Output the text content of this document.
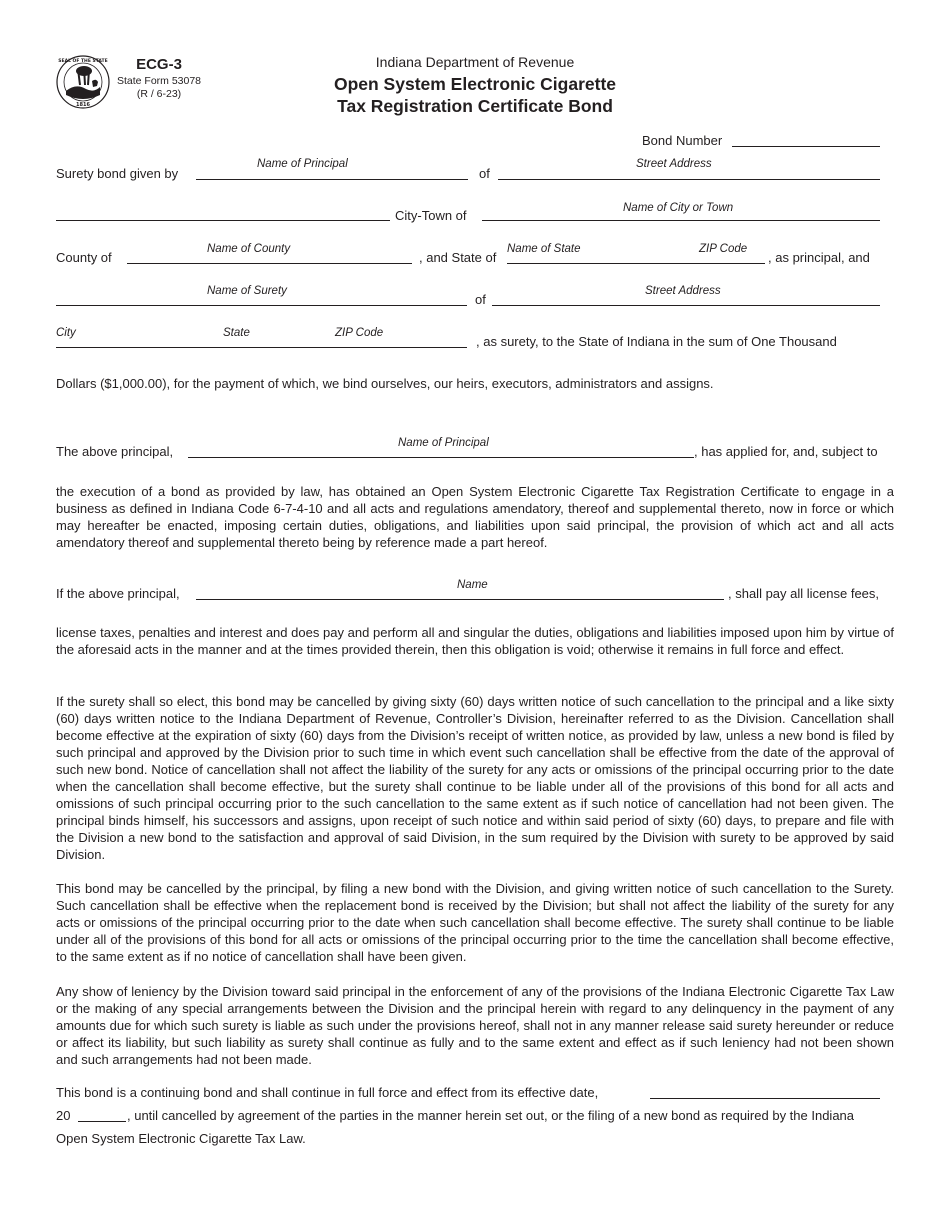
SEAL OF THE STATE
1816
ECG-3
State Form 53078
(R / 6-23)
Indiana Department of Revenue
Open System Electronic Cigarette
Tax Registration Certificate Bond
Bond Number
Surety bond given by
Name of Principal
of
Street Address
City-Town of	Name of City or Town
County of
Name of County
, and State of
Name of State	ZIP Code
, as principal, and
Name of Surety
of
Street Address
City	State	ZIP Code
, as surety, to the State of Indiana in the sum of One Thousand
Dollars ($1,000.00), for the payment of which, we bind ourselves, our heirs, executors, administrators and assigns.
The above principal,
Name of Principal
, has applied for, and, subject to
the execution of a bond as provided by law, has obtained an Open System Electronic Cigarette Tax Registration Certificate to engage in a business as defined in Indiana Code 6-7-4-10 and all acts and regulations amendatory, thereof and supplemental thereto, now in force or which may hereafter be enacted, imposing certain duties, obligations, and liabilities upon said principal, the provision of which act and all acts amendatory thereof and supplemental thereto being by reference made a part hereof.
If the above principal,
Name
, shall pay all license fees,
license taxes, penalties and interest and does pay and perform all and singular the duties, obligations and liabilities imposed upon him by virtue of the aforesaid acts in the manner and at the times provided therein, then this obligation is void; otherwise it remains in full force and effect.
If the surety shall so elect, this bond may be cancelled by giving sixty (60) days written notice of such cancellation to the principal and a like sixty (60) days written notice to the Indiana Department of Revenue, Controller’s Division, hereinafter referred to as the Division. Cancellation shall become effective at the expiration of sixty (60) days from the Division’s receipt of written notice, as provided by law, unless a new bond is filed by such principal and approved by the Division prior to such time in which event such cancellation shall be effective from the date of the approval of such new bond. Notice of cancellation shall not affect the liability of the surety for any acts or omissions of the principal occurring prior to the date when the cancellation shall become effective, but the surety shall continue to be liable under all of the provisions of this bond for all acts and omissions of such principal occurring prior to the such cancellation to the same extent as if such notice of cancellation had not been given. The principal binds himself, his successors and assigns, upon receipt of such notice and within said period of sixty (60) days, to prepare and file with the Division a new bond to the satisfaction and approval of said Division, in the sum required by the Division with surety to be approved by said Division.
This bond may be cancelled by the principal, by filing a new bond with the Division, and giving written notice of such cancellation to the Surety. Such cancellation shall be effective when the replacement bond is received by the Division; but shall not affect the liability of the surety for any acts or omissions of the principal occurring prior to the date when such cancellation shall become effective. The surety shall continue to be liable under all of the provisions of this bond for all acts or omissions of the principal occurring prior to the time the cancellation shall become effective, to the same extent as if no notice of cancellation shall have been given.
Any show of leniency by the Division toward said principal in the enforcement of any of the provisions of the Indiana Electronic Cigarette Tax Law or the making of any special arrangements between the Division and the principal herein with regard to any delinquency in the payment of any amounts due for which such surety is liable as such under the provisions hereof, shall not in any manner release said surety hereunder or reduce or affect its liability, but such liability as surety shall continue as fully and to the same extent and effect as if such leniency had not been shown and such arrangements had not been made.
This bond is a continuing bond and shall continue in full force and effect from its effective date,
20	, until cancelled by agreement of the parties in the manner herein set out, or the filing of a new bond as required by the Indiana
Open System Electronic Cigarette Tax Law.
